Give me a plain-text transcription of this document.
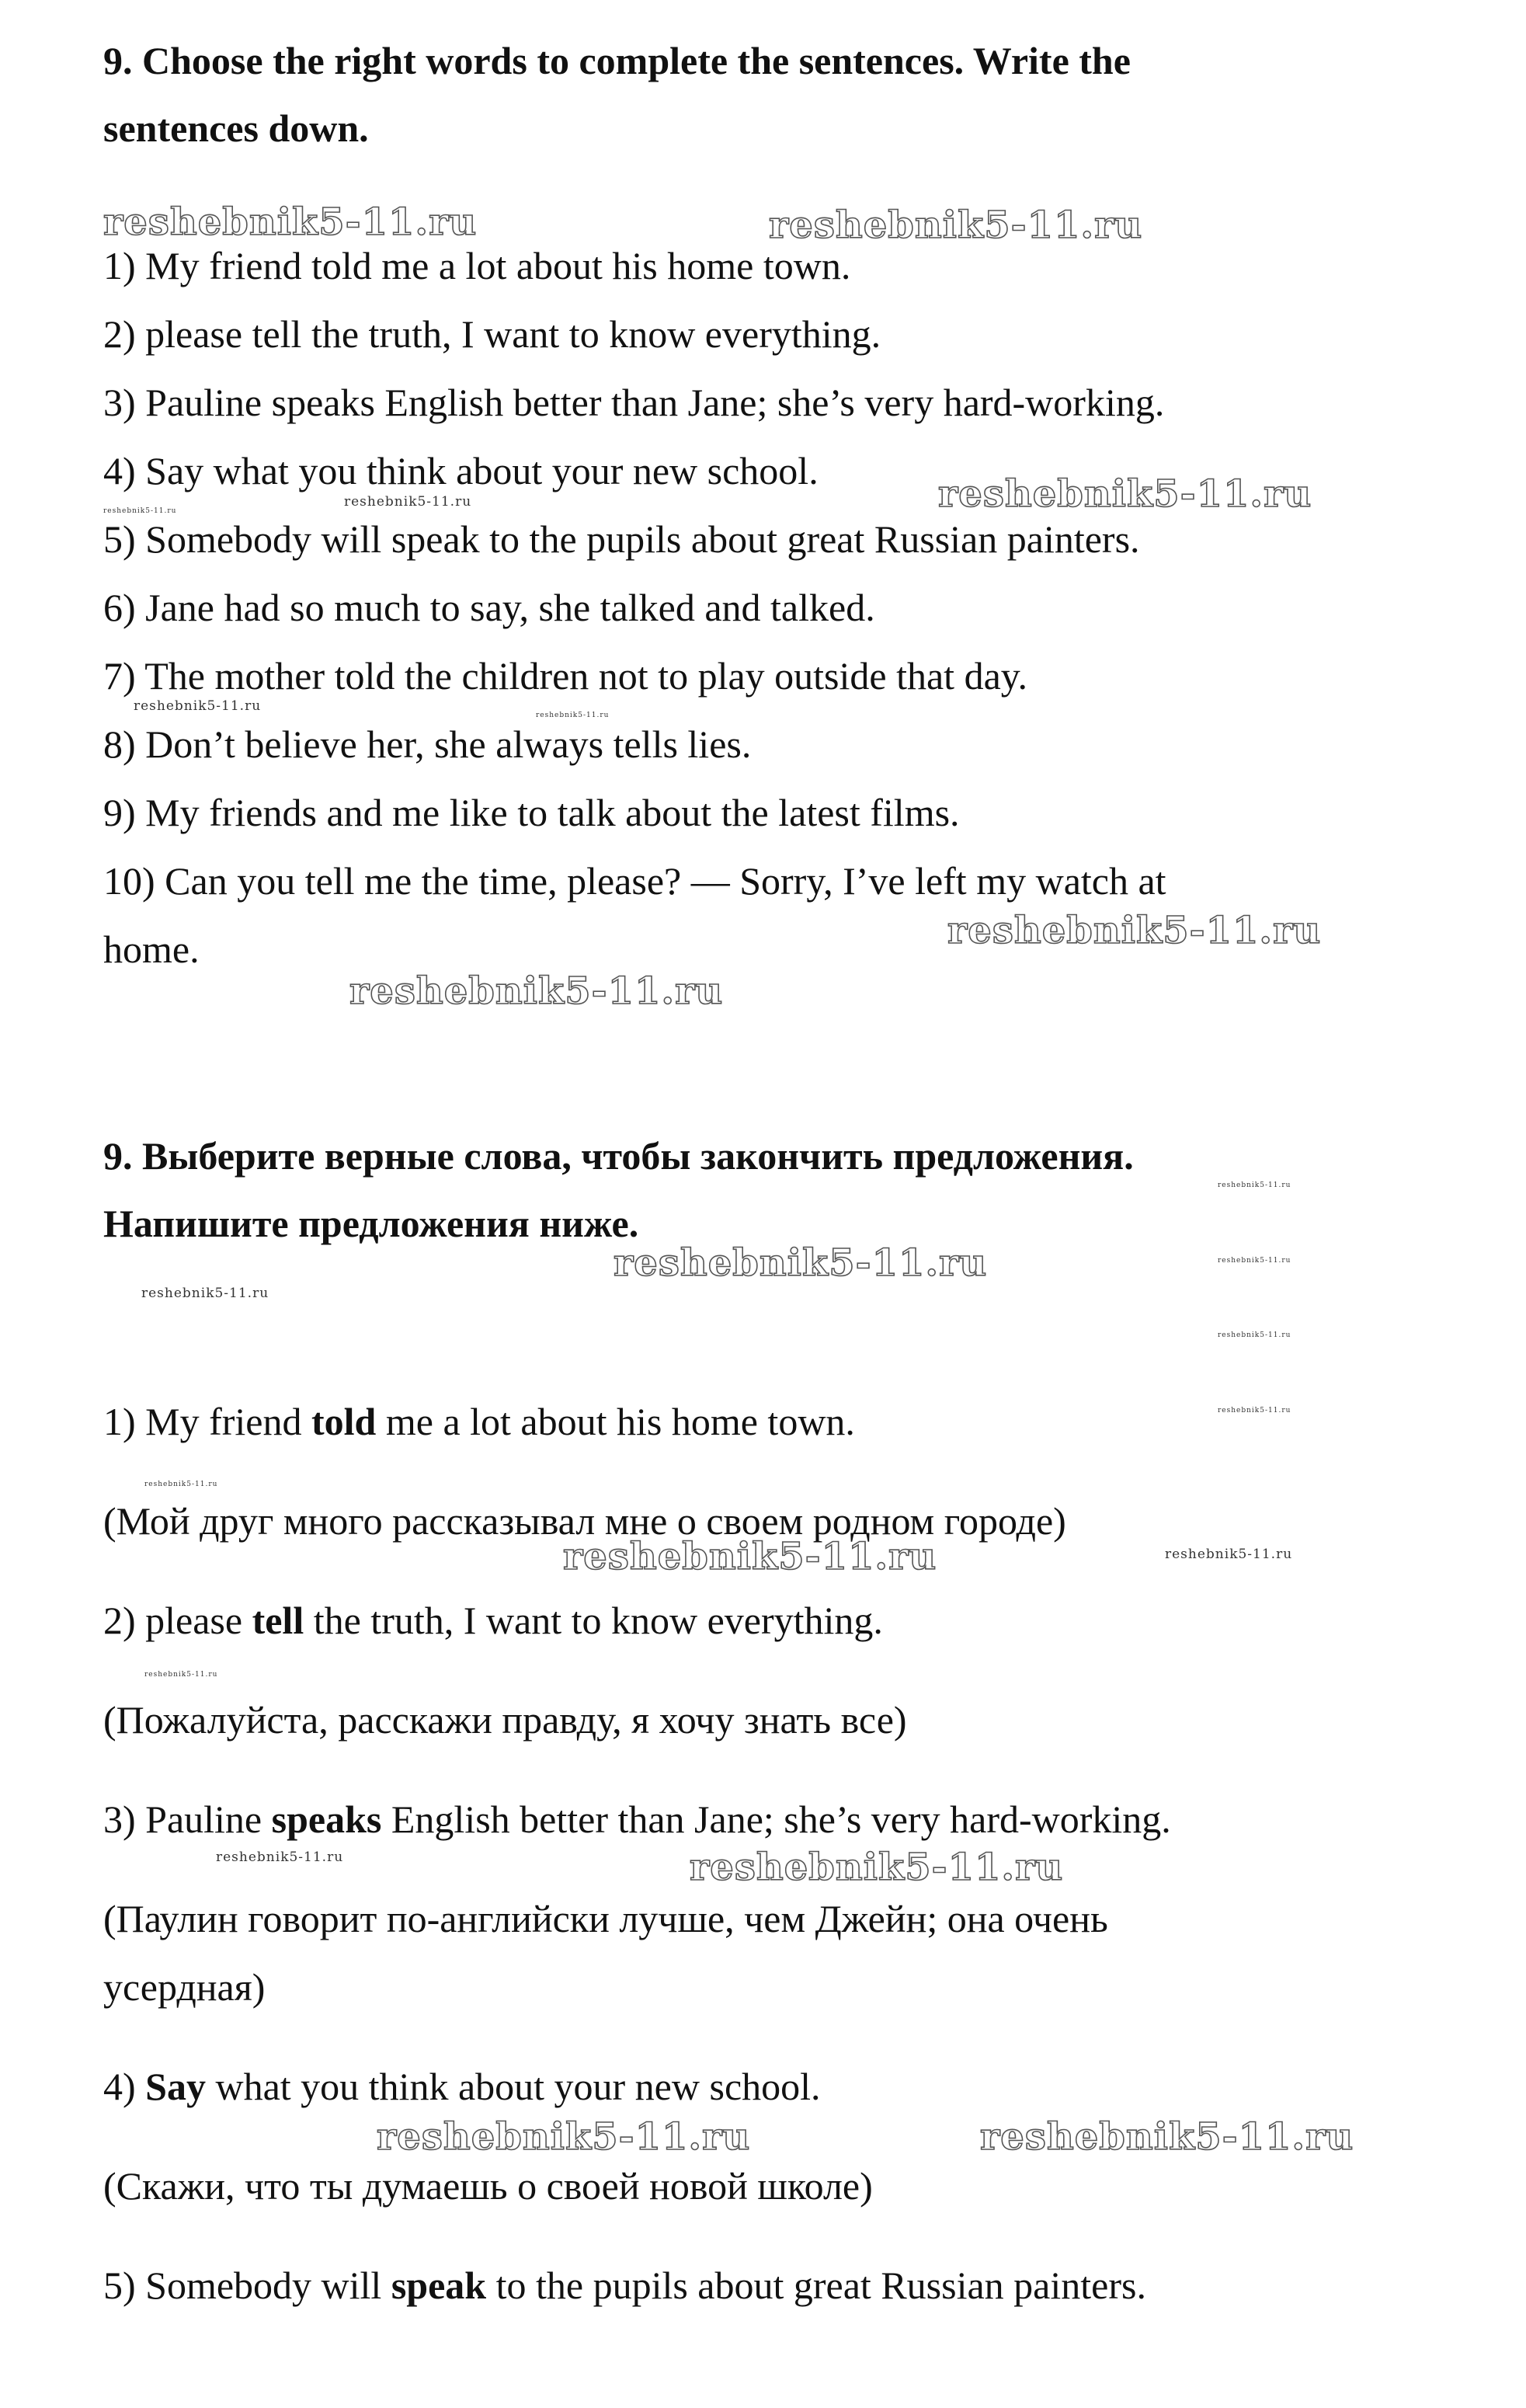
9. Choose the right words to complete the sentences. Write the
sentences down.
1) My friend told me a lot about his home town.
2) please tell the truth, I want to know everything.
3) Pauline speaks English better than Jane; she’s very hard-working.
4) Say what you think about your new school.
5) Somebody will speak to the pupils about great Russian painters.
6) Jane had so much to say, she talked and talked.
7) The mother told the children not to play outside that day.
8) Don’t believe her, she always tells lies.
9) My friends and me like to talk about the latest films.
10) Can you tell me the time, please? — Sorry, I’ve left my watch at
home.
9. Выберите верные слова, чтобы закончить предложения.
Напишите предложения ниже.
1) My friend told me a lot about his home town.
(Мой друг много рассказывал мне о своем родном городе)
2) please tell the truth, I want to know everything.
(Пожалуйста, расскажи правду, я хочу знать все)
3) Pauline speaks English better than Jane; she’s very hard-working.
(Паулин говорит по-английски лучше, чем Джейн; она очень
усердная)
4) Say what you think about your new school.
(Скажи, что ты думаешь о своей новой школе)
5) Somebody will speak to the pupils about great Russian painters.
reshebnik5-11.ru	reshebnik5-11.ru
reshebnik5-11.ru
reshebnik5-11.ru
reshebnik5-11.ru
reshebnik5-11.ru
reshebnik5-11.ru
reshebnik5-11.ru
reshebnik5-11.ru
reshebnik5-11.ru
reshebnik5-11.ru	reshebnik5-11.ru
reshebnik5-11.ru
reshebnik5-11.ru
reshebnik5-11.ru
reshebnik5-11.ru
reshebnik5-11.ru	reshebnik5-11.ru
reshebnik5-11.ru
reshebnik5-11.ru	reshebnik5-11.ru
reshebnik5-11.ru	reshebnik5-11.ru
